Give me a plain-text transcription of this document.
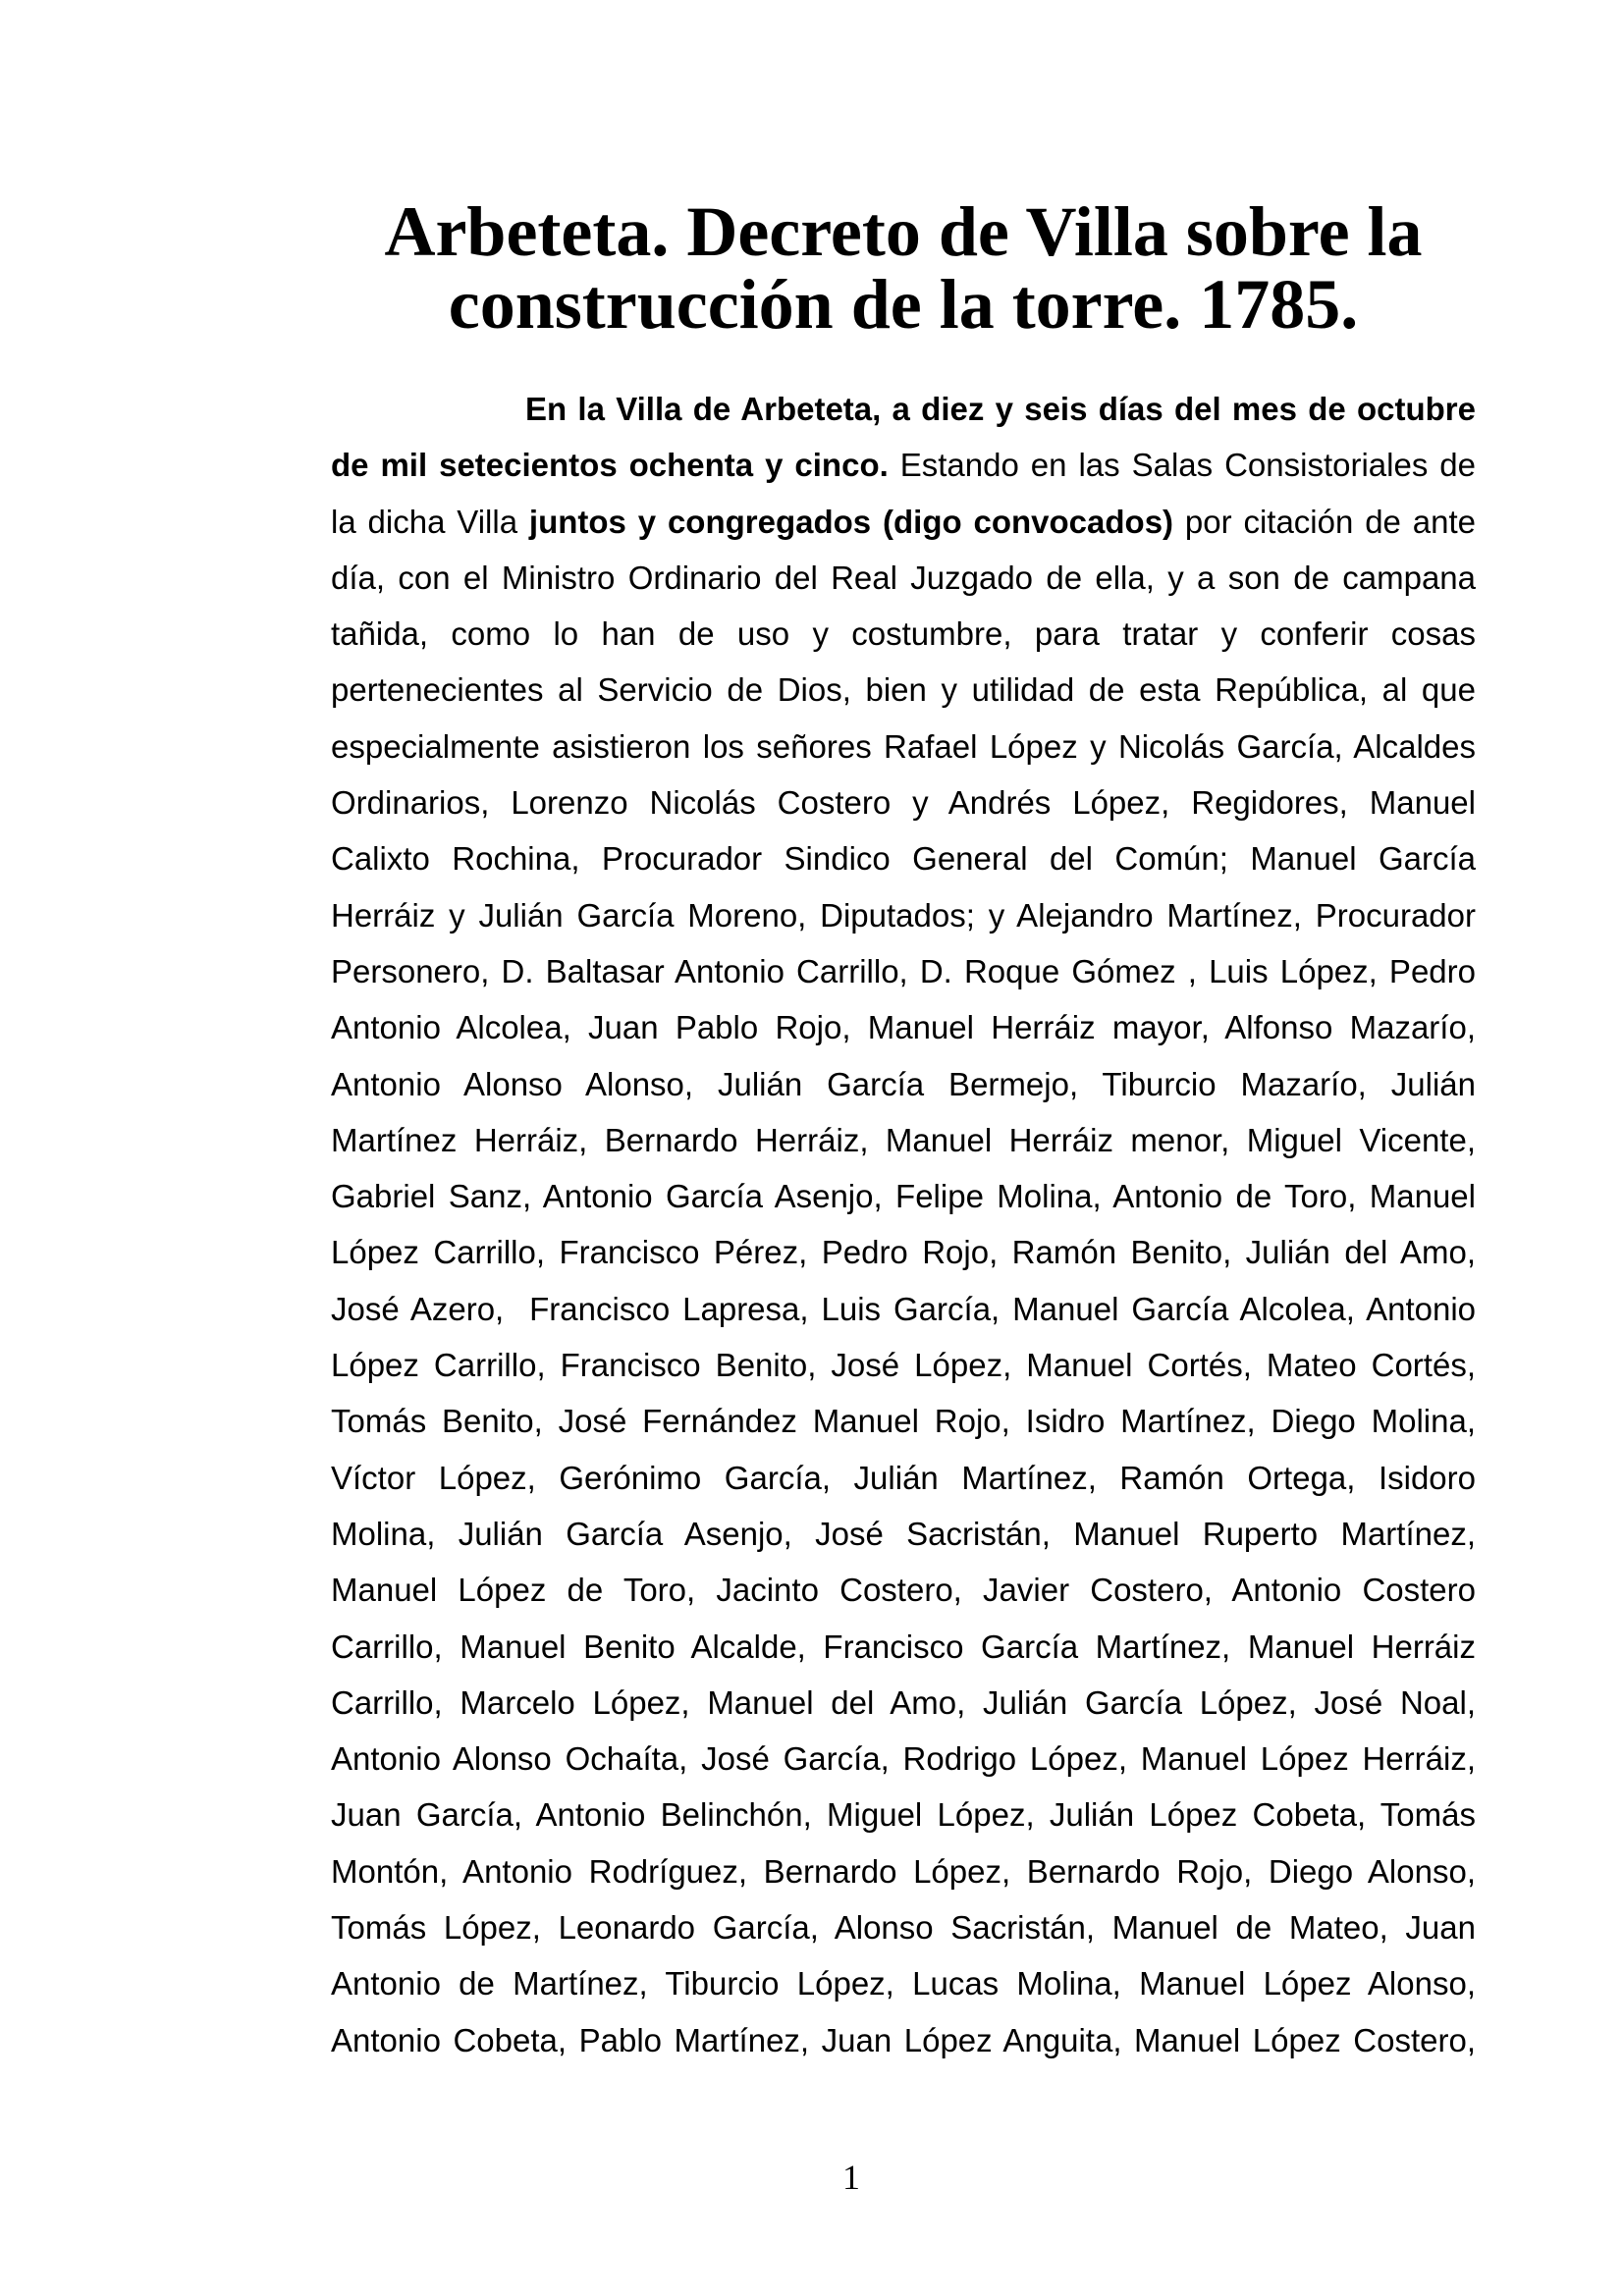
Arbeteta. Decreto de Villa sobre la
construcción de la torre. 1785.
En la Villa de Arbeteta, a diez y seis días del mes de octubre
de mil setecientos ochenta y cinco. Estando en las Salas Consistoriales de
la dicha Villa juntos y congregados (digo convocados) por citación de ante
día, con el Ministro Ordinario del Real Juzgado de ella, y a son de campana
tañida, como lo han de uso y costumbre, para tratar y conferir cosas
pertenecientes al Servicio de Dios, bien y utilidad de esta República, al que
especialmente asistieron los señores Rafael López y Nicolás García, Alcaldes
Ordinarios, Lorenzo Nicolás Costero y Andrés López, Regidores, Manuel
Calixto Rochina, Procurador Sindico General del Común; Manuel García
Herráiz y Julián García Moreno, Diputados; y Alejandro Martínez, Procurador
Personero, D. Baltasar Antonio Carrillo, D. Roque Gómez , Luis López, Pedro
Antonio Alcolea, Juan Pablo Rojo, Manuel Herráiz mayor, Alfonso Mazarío,
Antonio Alonso Alonso, Julián García Bermejo, Tiburcio Mazarío, Julián
Martínez Herráiz, Bernardo Herráiz, Manuel Herráiz menor, Miguel Vicente,
Gabriel Sanz, Antonio García Asenjo, Felipe Molina, Antonio de Toro, Manuel
López Carrillo, Francisco Pérez, Pedro Rojo, Ramón Benito, Julián del Amo,
José Azero,  Francisco Lapresa, Luis García, Manuel García Alcolea, Antonio
López Carrillo, Francisco Benito, José López, Manuel Cortés, Mateo Cortés,
Tomás Benito, José Fernández Manuel Rojo, Isidro Martínez, Diego Molina,
Víctor López, Gerónimo García, Julián Martínez, Ramón Ortega, Isidoro
Molina, Julián García Asenjo, José Sacristán, Manuel Ruperto Martínez,
Manuel López de Toro, Jacinto Costero, Javier Costero, Antonio Costero
Carrillo, Manuel Benito Alcalde, Francisco García Martínez, Manuel Herráiz
Carrillo, Marcelo López, Manuel del Amo, Julián García López, José Noal,
Antonio Alonso Ochaíta, José García, Rodrigo López, Manuel López Herráiz,
Juan García, Antonio Belinchón, Miguel López, Julián López Cobeta, Tomás
Montón, Antonio Rodríguez, Bernardo López, Bernardo Rojo, Diego Alonso,
Tomás López, Leonardo García, Alonso Sacristán, Manuel de Mateo, Juan
Antonio de Martínez, Tiburcio López, Lucas Molina, Manuel López Alonso,
Antonio Cobeta, Pablo Martínez, Juan López Anguita, Manuel López Costero,
1
